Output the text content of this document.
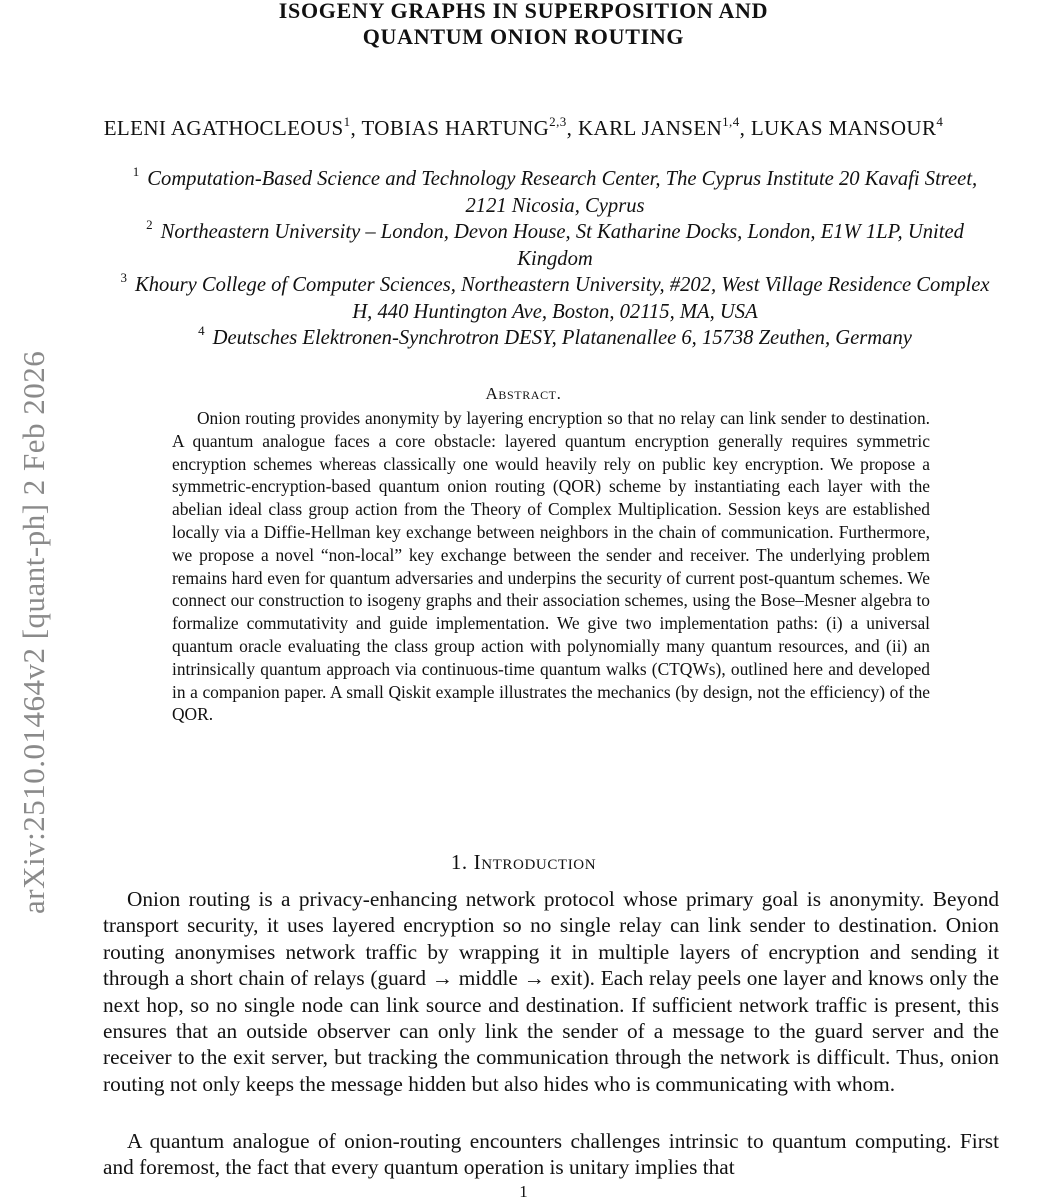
arXiv:2510.01464v2 [quant-ph] 2 Feb 2026
ISOGENY GRAPHS IN SUPERPOSITION AND
QUANTUM ONION ROUTING
ELENI AGATHOCLEOUS$^1$, TOBIAS HARTUNG$^{2,3}$, KARL JANSEN$^{1,4}$, LUKAS MANSOUR$^4$

$^1$ Computation-Based Science and Technology Research Center, The Cyprus Institute 20 Kavafi Street, 2121 Nicosia, Cyprus

$^2$ Northeastern University – London, Devon House, St Katharine Docks, London, E1W 1LP, United Kingdom

$^3$ Khoury College of Computer Sciences, Northeastern University, #202, West Village Residence Complex H, 440 Huntington Ave, Boston, 02115, MA, USA

$^4$ Deutsches Elektronen-Synchrotron DESY, Platanenallee 6, 15738 Zeuthen, Germany

Abstract.
Onion routing provides anonymity by layering encryption so that no relay can link sender to destination. A quantum analogue faces a core obstacle: layered quantum encryption generally requires symmetric encryption schemes whereas classically one would heavily rely on public key encryption. We propose a symmetric-encryption-based quantum onion routing (QOR) scheme by instantiating each layer with the abelian ideal class group action from the Theory of Complex Multiplication. Session keys are established locally via a Diffie-Hellman key exchange between neighbors in the chain of communication. Furthermore, we propose a novel “non-local” key exchange between the sender and receiver. The underlying problem remains hard even for quantum adversaries and underpins the security of current post-quantum schemes. We connect our construction to isogeny graphs and their association schemes, using the Bose–Mesner algebra to formalize commutativity and guide implementation. We give two implementation paths: (i) a universal quantum oracle evaluating the class group action with polynomially many quantum resources, and (ii) an intrinsically quantum approach via continuous-time quantum walks (CTQWs), outlined here and developed in a companion paper. A small Qiskit example illustrates the mechanics (by design, not the efficiency) of the QOR.
1. Introduction

Onion routing is a privacy-enhancing network protocol whose primary goal is anonymity. Beyond transport security, it uses layered encryption so no single relay can link sender to destination. Onion routing anonymises network traffic by wrapping it in multiple layers of encryption and sending it through a short chain of relays (guard → middle → exit). Each relay peels one layer and knows only the next hop, so no single node can link source and destination. If sufficient network traffic is present, this ensures that an outside observer can only link the sender of a message to the guard server and the receiver to the exit server, but tracking the communication through the network is difficult. Thus, onion routing not only keeps the message hidden but also hides who is communicating with whom.

A quantum analogue of onion-routing encounters challenges intrinsic to quantum computing. First and foremost, the fact that every quantum operation is unitary implies that

1
